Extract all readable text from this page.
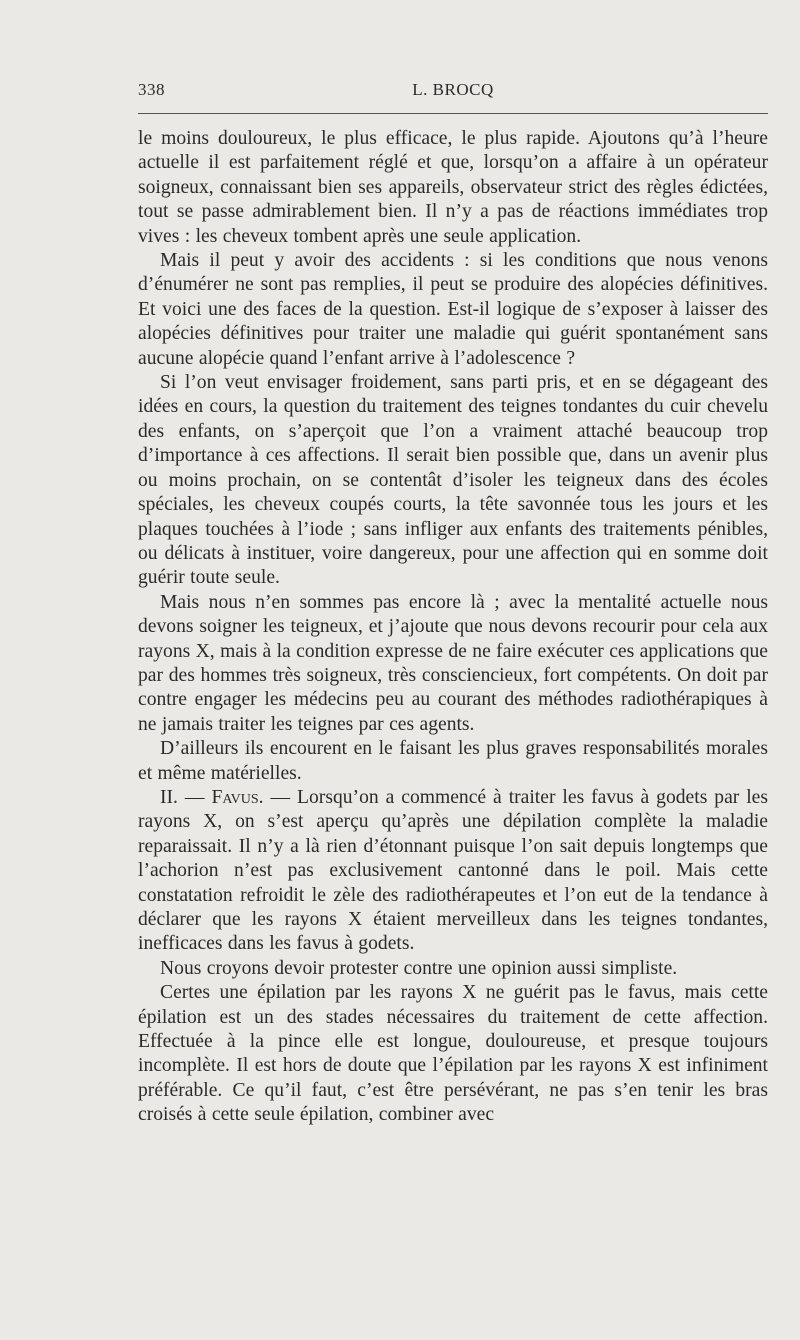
338	L. BROCQ

le moins douloureux, le plus efficace, le plus rapide. Ajoutons qu’à l’heure actuelle il est parfaitement réglé et que, lorsqu’on a affaire à un opérateur soigneux, connaissant bien ses appareils, observateur strict des règles édictées, tout se passe admirablement bien. Il n’y a pas de réactions immédiates trop vives : les cheveux tombent après une seule application.

Mais il peut y avoir des accidents : si les conditions que nous venons d’énumérer ne sont pas remplies, il peut se produire des alopécies définitives. Et voici une des faces de la question. Est-il logique de s’exposer à laisser des alopécies définitives pour traiter une maladie qui guérit spontanément sans aucune alopécie quand l’enfant arrive à l’adolescence ?

Si l’on veut envisager froidement, sans parti pris, et en se dégageant des idées en cours, la question du traitement des teignes tondantes du cuir chevelu des enfants, on s’aperçoit que l’on a vraiment attaché beaucoup trop d’importance à ces affections. Il serait bien possible que, dans un avenir plus ou moins prochain, on se contentât d’isoler les teigneux dans des écoles spéciales, les cheveux coupés courts, la tête savonnée tous les jours et les plaques touchées à l’iode ; sans infliger aux enfants des traitements pénibles, ou délicats à instituer, voire dangereux, pour une affection qui en somme doit guérir toute seule.

Mais nous n’en sommes pas encore là ; avec la mentalité actuelle nous devons soigner les teigneux, et j’ajoute que nous devons recourir pour cela aux rayons X, mais à la condition expresse de ne faire exécuter ces applications que par des hommes très soigneux, très consciencieux, fort compétents. On doit par contre engager les médecins peu au courant des méthodes radiothérapiques à ne jamais traiter les teignes par ces agents.

D’ailleurs ils encourent en le faisant les plus graves responsabilités morales et même matérielles.

II. — Favus. — Lorsqu’on a commencé à traiter les favus à godets par les rayons X, on s’est aperçu qu’après une dépilation complète la maladie reparaissait. Il n’y a là rien d’étonnant puisque l’on sait depuis longtemps que l’achorion n’est pas exclusivement cantonné dans le poil. Mais cette constatation refroidit le zèle des radiothérapeutes et l’on eut de la tendance à déclarer que les rayons X étaient merveilleux dans les teignes tondantes, inefficaces dans les favus à godets.

Nous croyons devoir protester contre une opinion aussi simpliste.

Certes une épilation par les rayons X ne guérit pas le favus, mais cette épilation est un des stades nécessaires du traitement de cette affection. Effectuée à la pince elle est longue, douloureuse, et presque toujours incomplète. Il est hors de doute que l’épilation par les rayons X est infiniment préférable. Ce qu’il faut, c’est être persévérant, ne pas s’en tenir les bras croisés à cette seule épilation, combiner avec
